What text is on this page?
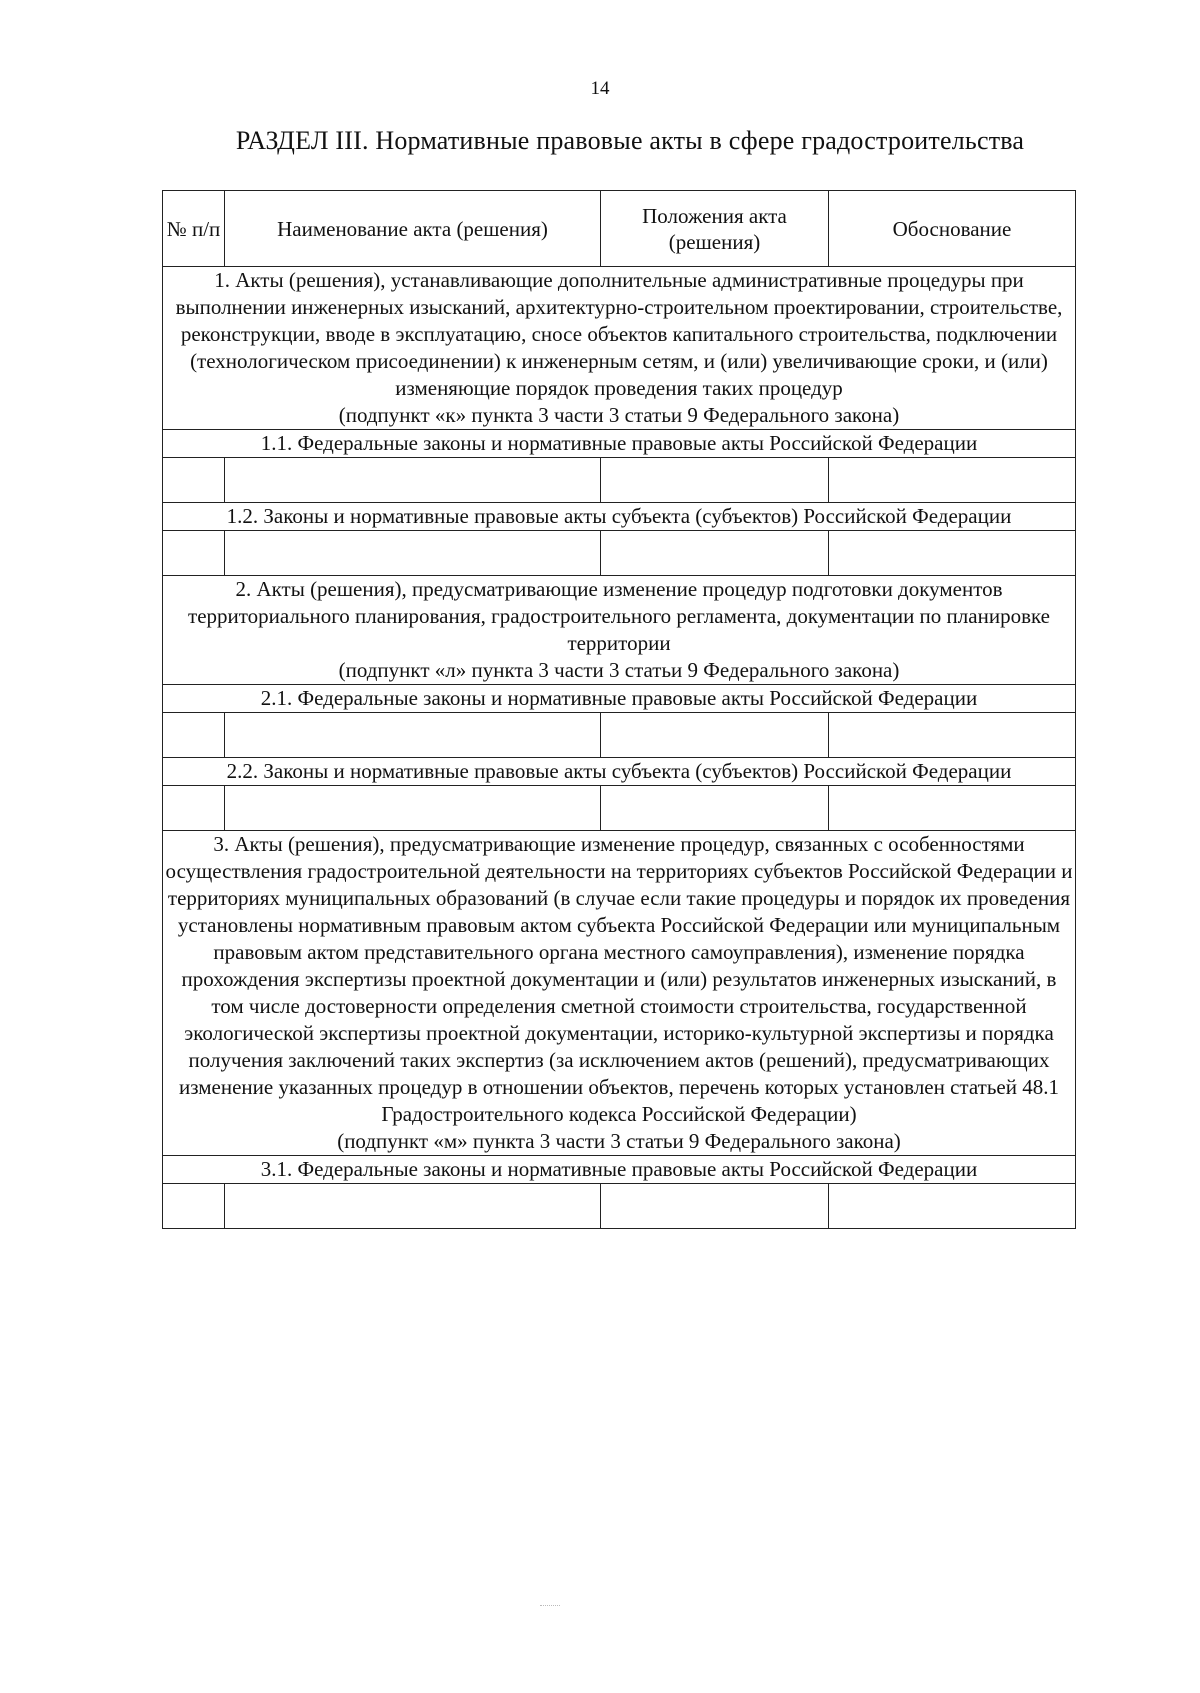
14
РАЗДЕЛ III. Нормативные правовые акты в сфере градостроительства
№ п/п	Наименование акта (решения)	Положения акта (решения)	Обоснование

1. Акты (решения), устанавливающие дополнительные административные процедуры при выполнении инженерных изысканий, архитектурно-строительном проектировании, строительстве, реконструкции, вводе в эксплуатацию, сносе объектов капитального строительства, подключении (технологическом присоединении) к инженерным сетям, и (или) увеличивающие сроки, и (или) изменяющие порядок проведения таких процедур
(подпункт «к» пункта 3 части 3 статьи 9 Федерального закона)			

1.1. Федеральные законы и нормативные правовые акты Российской Федерации			

1.2. Законы и нормативные правовые акты субъекта (субъектов) Российской Федерации			

2. Акты (решения), предусматривающие изменение процедур подготовки документов территориального планирования, градостроительного регламента, документации по планировке территории
(подпункт «л» пункта 3 части 3 статьи 9 Федерального закона)			

2.1. Федеральные законы и нормативные правовые акты Российской Федерации			

2.2. Законы и нормативные правовые акты субъекта (субъектов) Российской Федерации			

3. Акты (решения), предусматривающие изменение процедур, связанных с особенностями осуществления градостроительной деятельности на территориях субъектов Российской Федерации и территориях муниципальных образований (в случае если такие процедуры и порядок их проведения установлены нормативным правовым актом субъекта Российской Федерации или муниципальным правовым актом представительного органа местного самоуправления), изменение порядка прохождения экспертизы проектной документации и (или) результатов инженерных изысканий, в том числе достоверности определения сметной стоимости строительства, государственной экологической экспертизы проектной документации, историко-культурной экспертизы и порядка получения заключений таких экспертиз (за исключением актов (решений), предусматривающих изменение указанных процедур в отношении объектов, перечень которых установлен статьей 48.1 Градостроительного кодекса Российской Федерации)
(подпункт «м» пункта 3 части 3 статьи 9 Федерального закона)			

3.1. Федеральные законы и нормативные правовые акты Российской Федерации			
